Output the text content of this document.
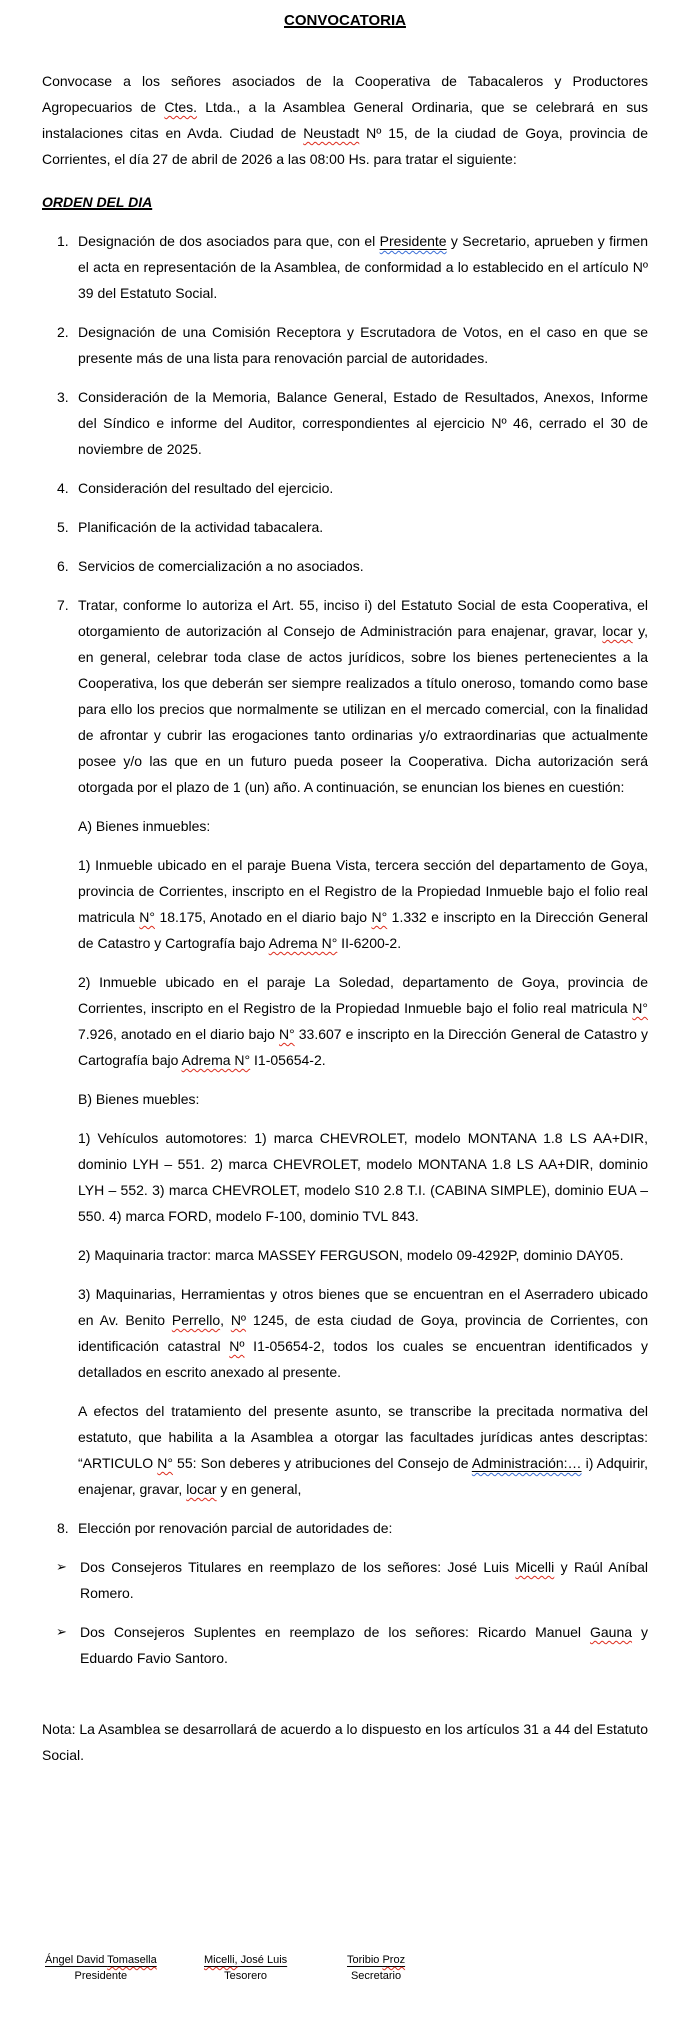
CONVOCATORIA
Convocase a los señores asociados de la Cooperativa de Tabacaleros y Productores Agropecuarios de Ctes. Ltda., a la Asamblea General Ordinaria, que se celebrará en sus instalaciones citas en Avda. Ciudad de Neustadt Nº 15, de la ciudad de Goya, provincia de Corrientes, el día 27 de abril de 2026 a las 08:00 Hs. para tratar el siguiente:
ORDEN DEL DIA
1. Designación de dos asociados para que, con el Presidente y Secretario, aprueben y firmen el acta en representación de la Asamblea, de conformidad a lo establecido en el artículo Nº 39 del Estatuto Social.
2. Designación de una Comisión Receptora y Escrutadora de Votos, en el caso en que se presente más de una lista para renovación parcial de autoridades.
3. Consideración de la Memoria, Balance General, Estado de Resultados, Anexos, Informe del Síndico e informe del Auditor, correspondientes al ejercicio Nº 46, cerrado el 30 de noviembre de 2025.
4. Consideración del resultado del ejercicio.
5. Planificación de la actividad tabacalera.
6. Servicios de comercialización a no asociados.
7. Tratar, conforme lo autoriza el Art. 55, inciso i) del Estatuto Social de esta Cooperativa, el otorgamiento de autorización al Consejo de Administración para enajenar, gravar, locar y, en general, celebrar toda clase de actos jurídicos, sobre los bienes pertenecientes a la Cooperativa, los que deberán ser siempre realizados a título oneroso, tomando como base para ello los precios que normalmente se utilizan en el mercado comercial, con la finalidad de afrontar y cubrir las erogaciones tanto ordinarias y/o extraordinarias que actualmente posee y/o las que en un futuro pueda poseer la Cooperativa. Dicha autorización será otorgada por el plazo de 1 (un) año. A continuación, se enuncian los bienes en cuestión:
A) Bienes inmuebles:
1) Inmueble ubicado en el paraje Buena Vista, tercera sección del departamento de Goya, provincia de Corrientes, inscripto en el Registro de la Propiedad Inmueble bajo el folio real matricula N° 18.175, Anotado en el diario bajo N° 1.332 e inscripto en la Dirección General de Catastro y Cartografía bajo Adrema N° II-6200-2.
2) Inmueble ubicado en el paraje La Soledad, departamento de Goya, provincia de Corrientes, inscripto en el Registro de la Propiedad Inmueble bajo el folio real matricula N° 7.926, anotado en el diario bajo N° 33.607 e inscripto en la Dirección General de Catastro y Cartografía bajo Adrema N° I1-05654-2.
B) Bienes muebles:
1) Vehículos automotores: 1) marca CHEVROLET, modelo MONTANA 1.8 LS AA+DIR, dominio LYH – 551. 2) marca CHEVROLET, modelo MONTANA 1.8 LS AA+DIR, dominio LYH – 552. 3) marca CHEVROLET, modelo S10 2.8 T.I. (CABINA SIMPLE), dominio EUA – 550. 4) marca FORD, modelo F-100, dominio TVL 843.
2) Maquinaria tractor: marca MASSEY FERGUSON, modelo 09-4292P, dominio DAY05.
3) Maquinarias, Herramientas y otros bienes que se encuentran en el Aserradero ubicado en Av. Benito Perrello, Nº 1245, de esta ciudad de Goya, provincia de Corrientes, con identificación catastral Nº I1-05654-2, todos los cuales se encuentran identificados y detallados en escrito anexado al presente.
A efectos del tratamiento del presente asunto, se transcribe la precitada normativa del estatuto, que habilita a la Asamblea a otorgar las facultades jurídicas antes descriptas: “ARTICULO N° 55: Son deberes y atribuciones del Consejo de Administración:… i) Adquirir, enajenar, gravar, locar y en general,
8. Elección por renovación parcial de autoridades de:
➢ Dos Consejeros Titulares en reemplazo de los señores: José Luis Micelli y Raúl Aníbal Romero.
➢ Dos Consejeros Suplentes en reemplazo de los señores: Ricardo Manuel Gauna y Eduardo Favio Santoro.
Nota: La Asamblea se desarrollará de acuerdo a lo dispuesto en los artículos 31 a 44 del Estatuto Social.
Ángel David Tomasella
Presidente
Micelli, José Luis
Tesorero
Toribio Proz
Secretario
